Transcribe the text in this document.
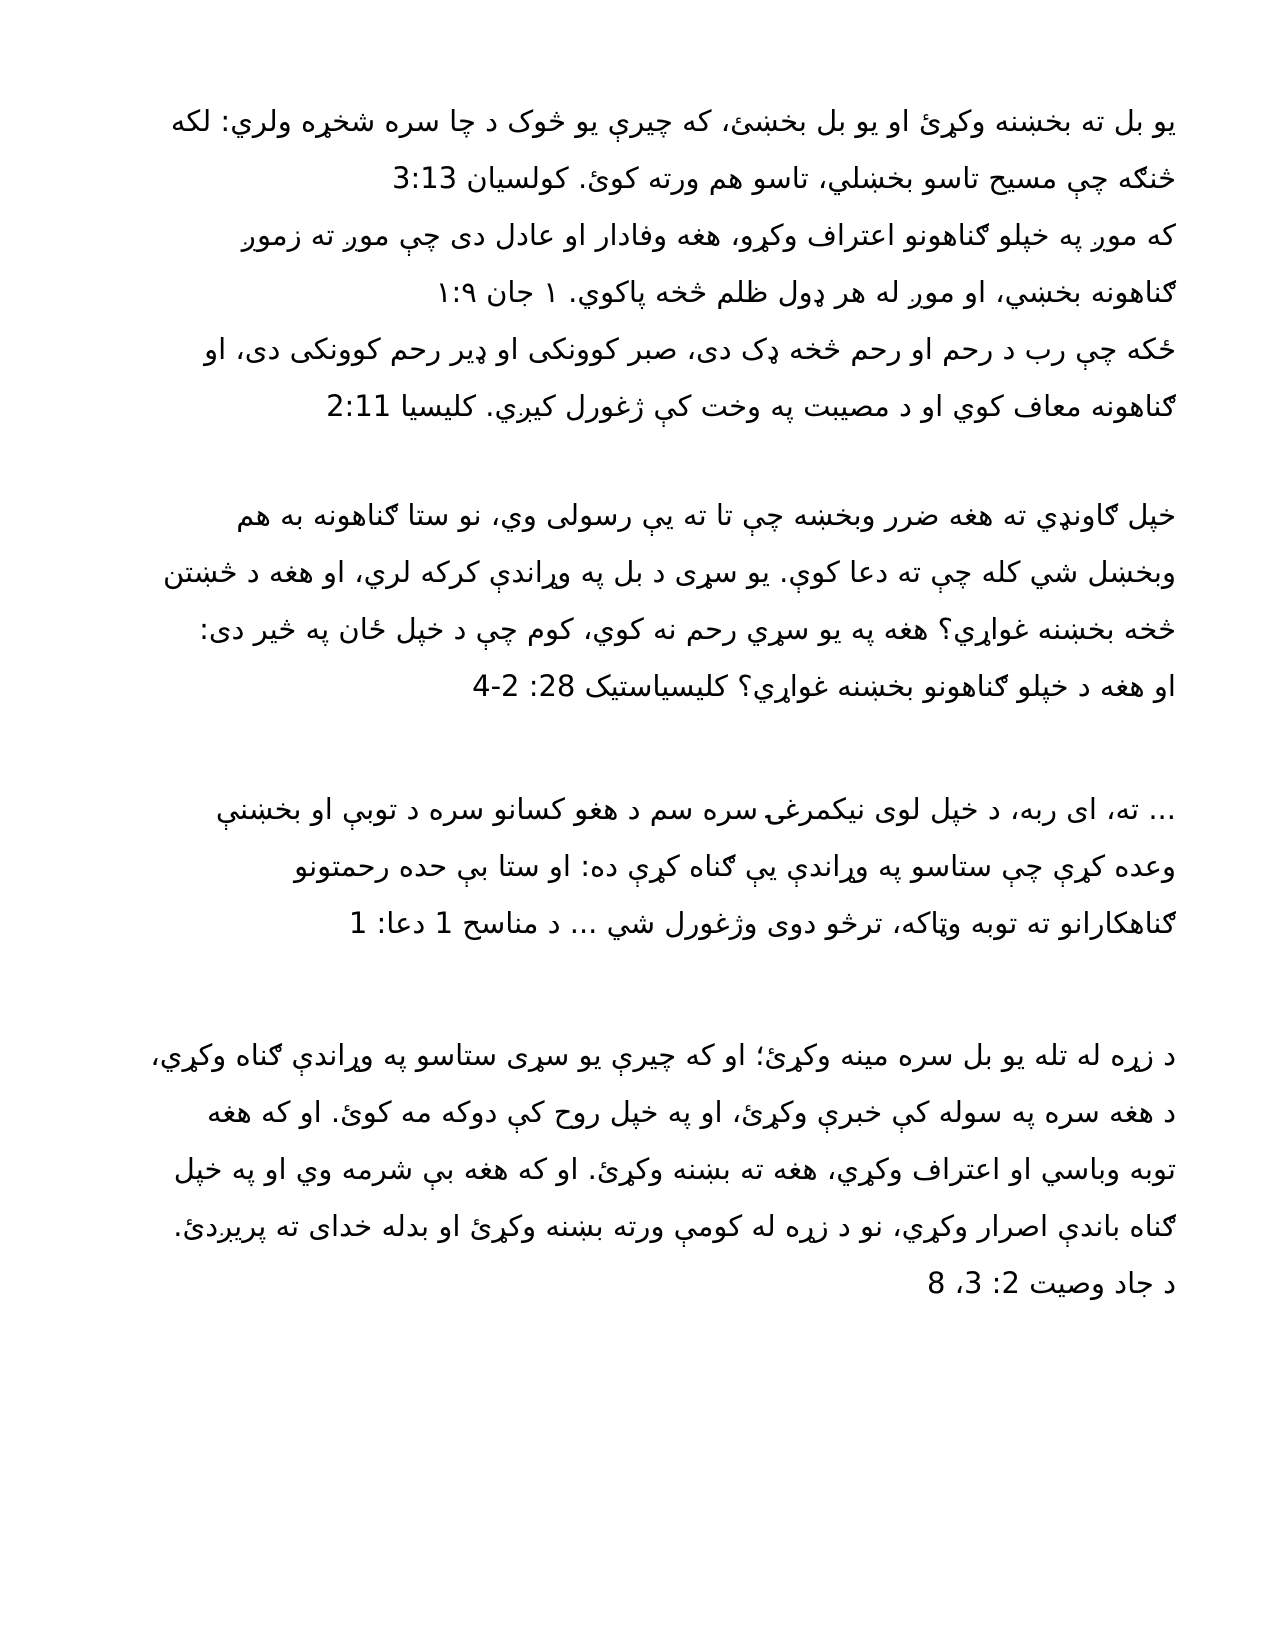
یو بل ته بخښنه وکړئ او یو بل بخښئ، که چیرې یو څوک د چا سره شخړه ولري: لکه
څنګه چې مسیح تاسو بخښلي، تاسو هم ورته کوئ. کولسیان 3:13
که موږ په خپلو ګناهونو اعتراف وکړو، هغه وفادار او عادل دی چې موږ ته زموږ
ګناهونه بخښي، او موږ له هر ډول ظلم څخه پاکوي. ۱ جان ۱:۹
ځکه چې رب د رحم او رحم څخه ډک دی، صبر کوونکی او ډیر رحم کوونکی دی، او
ګناهونه معاف کوي او د مصیبت په وخت کې ژغورل کیږي. کلیسیا 2:11
خپل ګاونډي ته هغه ضرر وبخښه چې تا ته یې رسولی وي، نو ستا ګناهونه به هم
وبخښل شي کله چې ته دعا کوې. یو سړی د بل په وړاندې کرکه لري، او هغه د څښتن
څخه بخښنه غواړي؟ هغه په یو سړي رحم نه کوي، کوم چې د خپل ځان په څیر دی:
او هغه د خپلو ګناهونو بخښنه غواړي؟ کلیسیاستیک 28: 2-4
... ته، ای ربه، د خپل لوی نیکمرغۍ سره سم د هغو کسانو سره د توبې او بخښنې
وعده کړې چې ستاسو په وړاندې یې ګناه کړې ده: او ستا بې حده رحمتونو
ګناهکارانو ته توبه وټاکه، ترڅو دوی وژغورل شي ... د مناسح 1 دعا: 1
د زړه له تله یو بل سره مینه وکړئ؛ او که چیرې یو سړی ستاسو په وړاندې ګناه وکړي،
د هغه سره په سوله کې خبرې وکړئ، او په خپل روح کې دوکه مه کوئ. او که هغه
توبه وباسي او اعتراف وکړي، هغه ته بښنه وکړئ. او که هغه بې شرمه وي او په خپل
ګناه باندې اصرار وکړي، نو د زړه له کومې ورته بښنه وکړئ او بدله خدای ته پریږدئ.
د جاد وصیت 2: 3، 8
